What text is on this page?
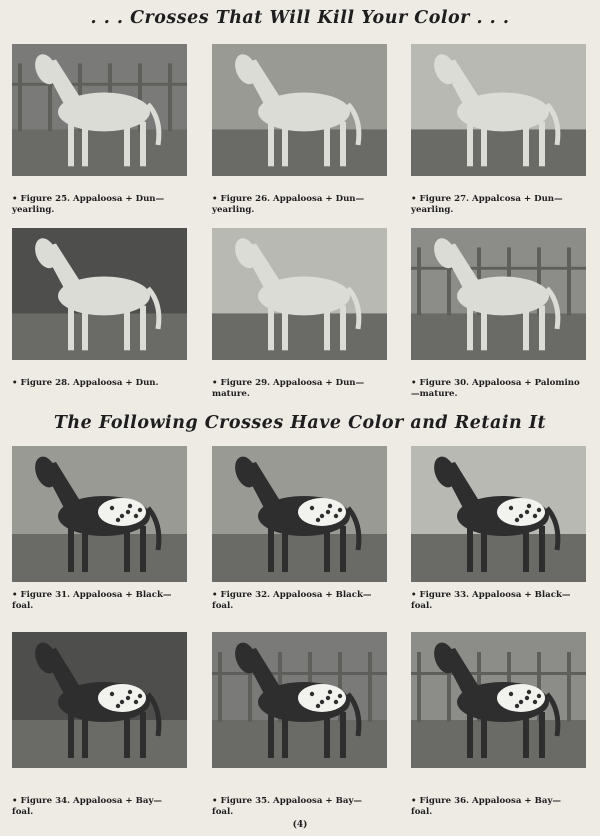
. . . Crosses That Will Kill Your Color . . .
The Following Crosses Have Color and Retain It
• Figure 25. Appaloosa + Dun—
yearling.
• Figure 26. Appaloosa + Dun—
yearling.
• Figure 27. Appalcosa + Dun—
yearling.
• Figure 28. Appaloosa + Dun.	• Figure 29. Appaloosa + Dun—
mature.
• Figure 30. Appaloosa + Palomino
—mature.
• Figure 31. Appaloosa + Black—
foal.
• Figure 32. Appaloosa + Black—
foal.
• Figure 33. Appaloosa + Black—
foal.
• Figure 34. Appaloosa + Bay—
foal.
• Figure 35. Appaloosa + Bay—
foal.
• Figure 36. Appaloosa + Bay—
foal.
(4)
